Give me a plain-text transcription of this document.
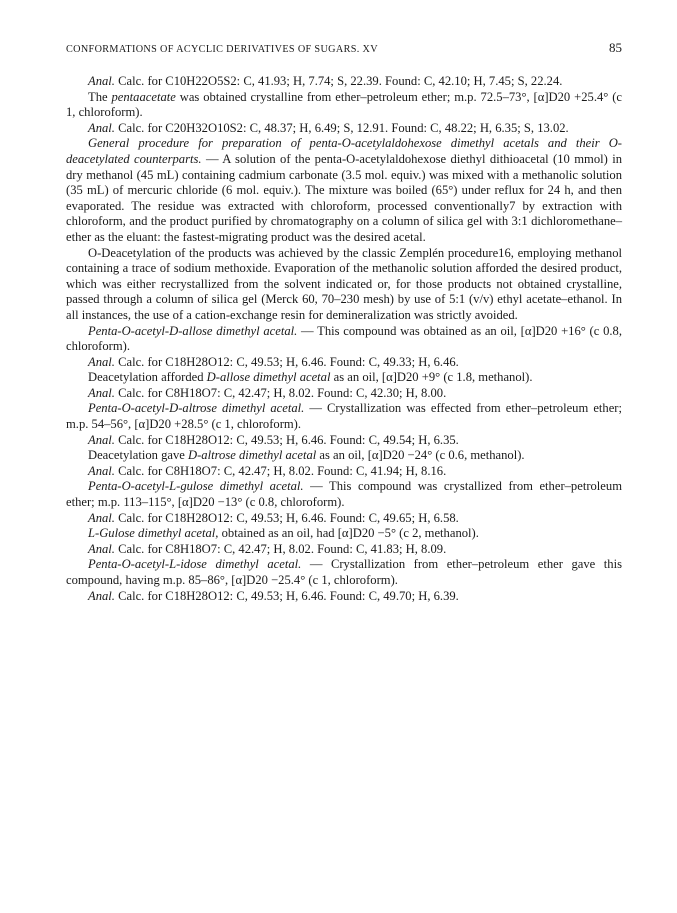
CONFORMATIONS OF ACYCLIC DERIVATIVES OF SUGARS. XV	85

Anal. Calc. for C10H22O5S2: C, 41.93; H, 7.74; S, 22.39. Found: C, 42.10; H, 7.45; S, 22.24.

The pentaacetate was obtained crystalline from ether–petroleum ether; m.p. 72.5–73°, [α]D20 +25.4° (c 1, chloroform).

Anal. Calc. for C20H32O10S2: C, 48.37; H, 6.49; S, 12.91. Found: C, 48.22; H, 6.35; S, 13.02.

General procedure for preparation of penta-O-acetylaldohexose dimethyl acetals and their O-deacetylated counterparts. — A solution of the penta-O-acetylaldohexose diethyl dithioacetal (10 mmol) in dry methanol (45 mL) containing cadmium carbonate (3.5 mol. equiv.) was mixed with a methanolic solution (35 mL) of mercuric chloride (6 mol. equiv.). The mixture was boiled (65°) under reflux for 24 h, and then evaporated. The residue was extracted with chloroform, processed conventionally7 by extraction with chloroform, and the product purified by chromatography on a column of silica gel with 3:1 dichloromethane–ether as the eluant: the fastest-migrating product was the desired acetal.

O-Deacetylation of the products was achieved by the classic Zemplén procedure16, employing methanol containing a trace of sodium methoxide. Evaporation of the methanolic solution afforded the desired product, which was either recrystallized from the solvent indicated or, for those products not obtained crystalline, passed through a column of silica gel (Merck 60, 70–230 mesh) by use of 5:1 (v/v) ethyl acetate–ethanol. In all instances, the use of a cation-exchange resin for demineralization was strictly avoided.

Penta-O-acetyl-D-allose dimethyl acetal. — This compound was obtained as an oil, [α]D20 +16° (c 0.8, chloroform).

Anal. Calc. for C18H28O12: C, 49.53; H, 6.46. Found: C, 49.33; H, 6.46.

Deacetylation afforded D-allose dimethyl acetal as an oil, [α]D20 +9° (c 1.8, methanol).

Anal. Calc. for C8H18O7: C, 42.47; H, 8.02. Found: C, 42.30; H, 8.00.

Penta-O-acetyl-D-altrose dimethyl acetal. — Crystallization was effected from ether–petroleum ether; m.p. 54–56°, [α]D20 +28.5° (c 1, chloroform).

Anal. Calc. for C18H28O12: C, 49.53; H, 6.46. Found: C, 49.54; H, 6.35.

Deacetylation gave D-altrose dimethyl acetal as an oil, [α]D20 −24° (c 0.6, methanol).

Anal. Calc. for C8H18O7: C, 42.47; H, 8.02. Found: C, 41.94; H, 8.16.

Penta-O-acetyl-L-gulose dimethyl acetal. — This compound was crystallized from ether–petroleum ether; m.p. 113–115°, [α]D20 −13° (c 0.8, chloroform).

Anal. Calc. for C18H28O12: C, 49.53; H, 6.46. Found: C, 49.65; H, 6.58.

L-Gulose dimethyl acetal, obtained as an oil, had [α]D20 −5° (c 2, methanol).

Anal. Calc. for C8H18O7: C, 42.47; H, 8.02. Found: C, 41.83; H, 8.09.

Penta-O-acetyl-L-idose dimethyl acetal. — Crystallization from ether–petroleum ether gave this compound, having m.p. 85–86°, [α]D20 −25.4° (c 1, chloroform).

Anal. Calc. for C18H28O12: C, 49.53; H, 6.46. Found: C, 49.70; H, 6.39.
